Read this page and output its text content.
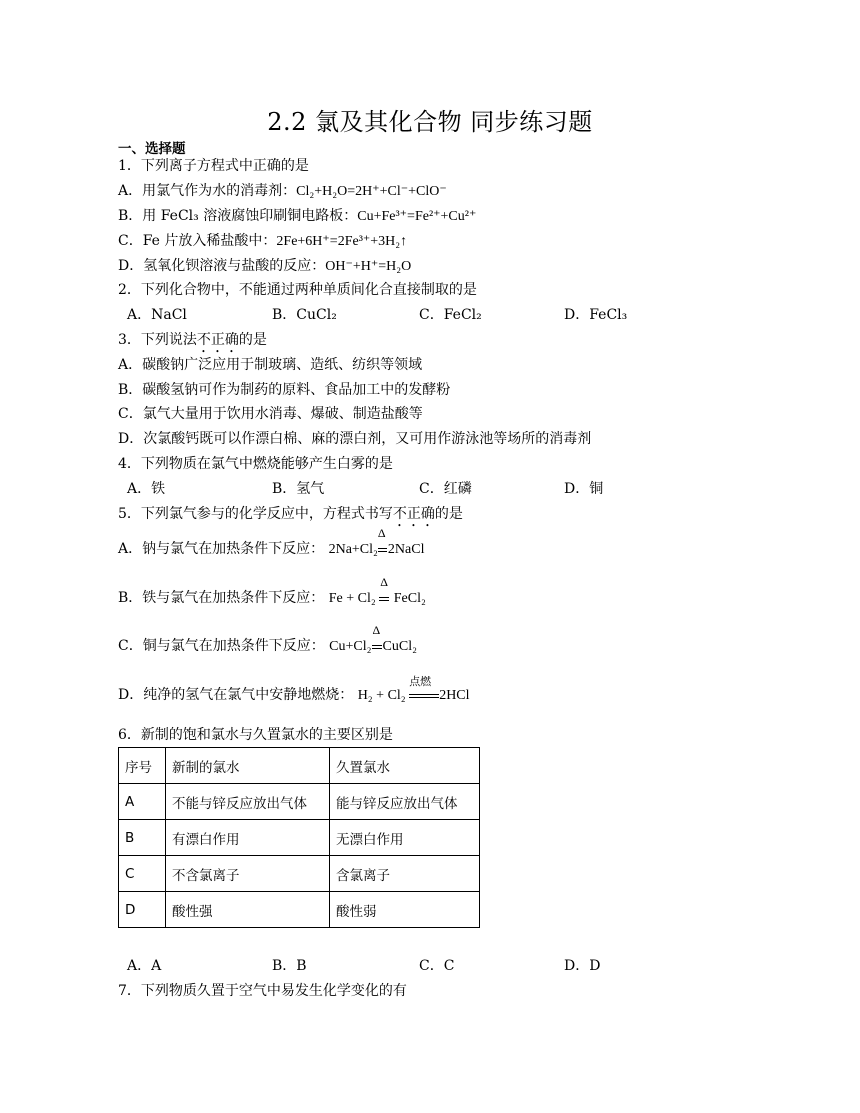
2.2 氯及其化合物 同步练习题
一、选择题
1．下列离子方程式中正确的是
A．用氯气作为水的消毒剂：Cl₂+H₂O=2H⁺+Cl⁻+ClO⁻
B．用 FeCl₃ 溶液腐蚀印刷铜电路板：Cu+Fe³⁺=Fe²⁺+Cu²⁺
C．Fe 片放入稀盐酸中：2Fe+6H⁺=2Fe³⁺+3H₂↑
D．氢氧化钡溶液与盐酸的反应：OH⁻+H⁺=H₂O
2．下列化合物中，不能通过两种单质间化合直接制取的是
A．NaCl	B．CuCl₂	C．FeCl₂	D．FeCl₃
3．下列说法不正确的是
A．碳酸钠广泛应用于制玻璃、造纸、纺织等领域
B．碳酸氢钠可作为制药的原料、食品加工中的发酵粉
C．氯气大量用于饮用水消毒、爆破、制造盐酸等
D．次氯酸钙既可以作漂白棉、麻的漂白剂，又可用作游泳池等场所的消毒剂
4．下列物质在氯气中燃烧能够产生白雾的是
A．铁	B．氢气	C．红磷	D．铜
5．下列氯气参与的化学反应中，方程式书写不正确的是
A．钠与氯气在加热条件下反应： 2Na+Cl₂
Δ
2NaCl
B．铁与氯气在加热条件下反应： Fe + Cl₂
Δ
FeCl₂
C．铜与氯气在加热条件下反应： Cu+Cl₂
Δ
CuCl₂
D．纯净的氢气在氯气中安静地燃烧： H₂ + Cl₂
点燃
2HCl
6．新制的饱和氯水与久置氯水的主要区别是
序号	新制的氯水	久置氯水
A	不能与锌反应放出气体	能与锌反应放出气体
B	有漂白作用	无漂白作用
C	不含氯离子	含氯离子
D	酸性强	酸性弱
A．A	B．B	C．C	D．D
7．下列物质久置于空气中易发生化学变化的有
